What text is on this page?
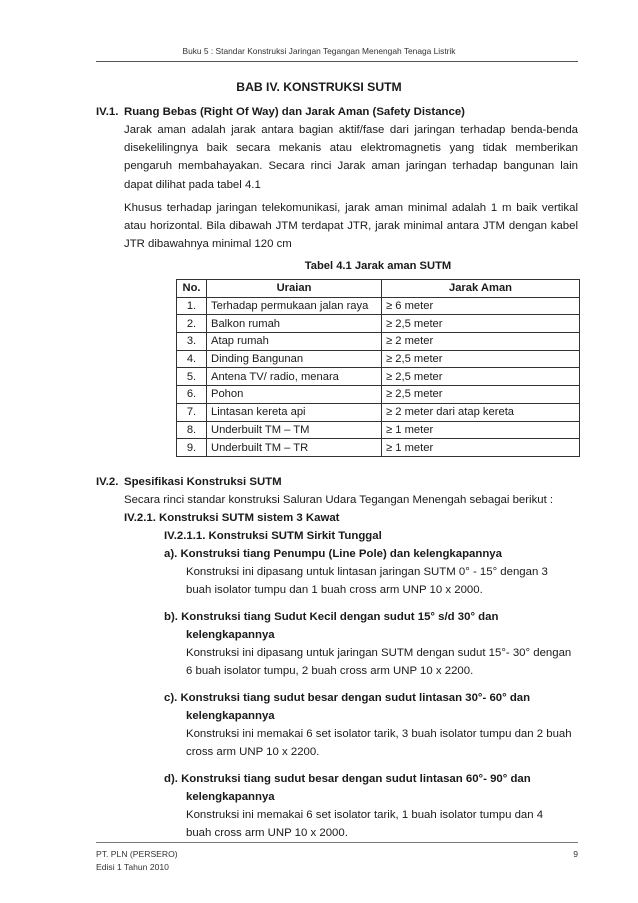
Buku 5 : Standar Konstruksi Jaringan Tegangan Menengah Tenaga Listrik
BAB IV. KONSTRUKSI SUTM
IV.1. Ruang Bebas (Right Of Way) dan Jarak Aman (Safety Distance)
Jarak aman adalah jarak antara bagian aktif/fase dari jaringan terhadap benda-benda disekelilingnya baik secara mekanis atau elektromagnetis yang tidak memberikan pengaruh membahayakan. Secara rinci Jarak aman jaringan terhadap bangunan lain dapat dilihat pada tabel 4.1
Khusus terhadap jaringan telekomunikasi, jarak aman minimal adalah 1 m baik vertikal atau horizontal. Bila dibawah JTM terdapat JTR, jarak minimal antara JTM dengan kabel JTR dibawahnya minimal 120 cm
Tabel 4.1 Jarak aman SUTM
No.	Uraian	Jarak Aman
1.	Terhadap permukaan jalan raya	≥ 6 meter
2.	Balkon rumah	≥ 2,5 meter
3.	Atap rumah	≥ 2 meter
4.	Dinding Bangunan	≥ 2,5 meter
5.	Antena TV/ radio, menara	≥ 2,5 meter
6.	Pohon	≥ 2,5 meter
7.	Lintasan kereta api	≥ 2 meter dari atap kereta
8.	Underbuilt TM – TM	≥ 1 meter
9.	Underbuilt TM – TR	≥ 1 meter
IV.2. Spesifikasi Konstruksi SUTM
Secara rinci standar konstruksi Saluran Udara Tegangan Menengah sebagai berikut :
IV.2.1. Konstruksi SUTM sistem 3 Kawat
IV.2.1.1. Konstruksi SUTM Sirkit Tunggal
a). Konstruksi tiang Penumpu (Line Pole) dan kelengkapannya
Konstruksi ini dipasang untuk lintasan jaringan SUTM 0° - 15° dengan 3
buah isolator tumpu dan 1 buah cross arm UNP 10 x 2000.
b). Konstruksi tiang Sudut Kecil dengan sudut 15° s/d 30° dan
kelengkapannya
Konstruksi ini dipasang untuk jaringan SUTM dengan sudut 15°- 30° dengan
6 buah isolator tumpu, 2 buah cross arm UNP 10 x 2200.
c). Konstruksi tiang sudut besar dengan sudut lintasan 30°- 60° dan
kelengkapannya
Konstruksi ini memakai 6 set isolator tarik, 3 buah isolator tumpu dan 2 buah
cross arm UNP 10 x 2200.
d). Konstruksi tiang sudut besar dengan sudut lintasan 60°- 90° dan
kelengkapannya
Konstruksi ini memakai 6 set isolator tarik, 1 buah isolator tumpu dan 4
buah cross arm UNP 10 x 2000.
PT. PLN (PERSERO)	9
Edisi 1 Tahun 2010
